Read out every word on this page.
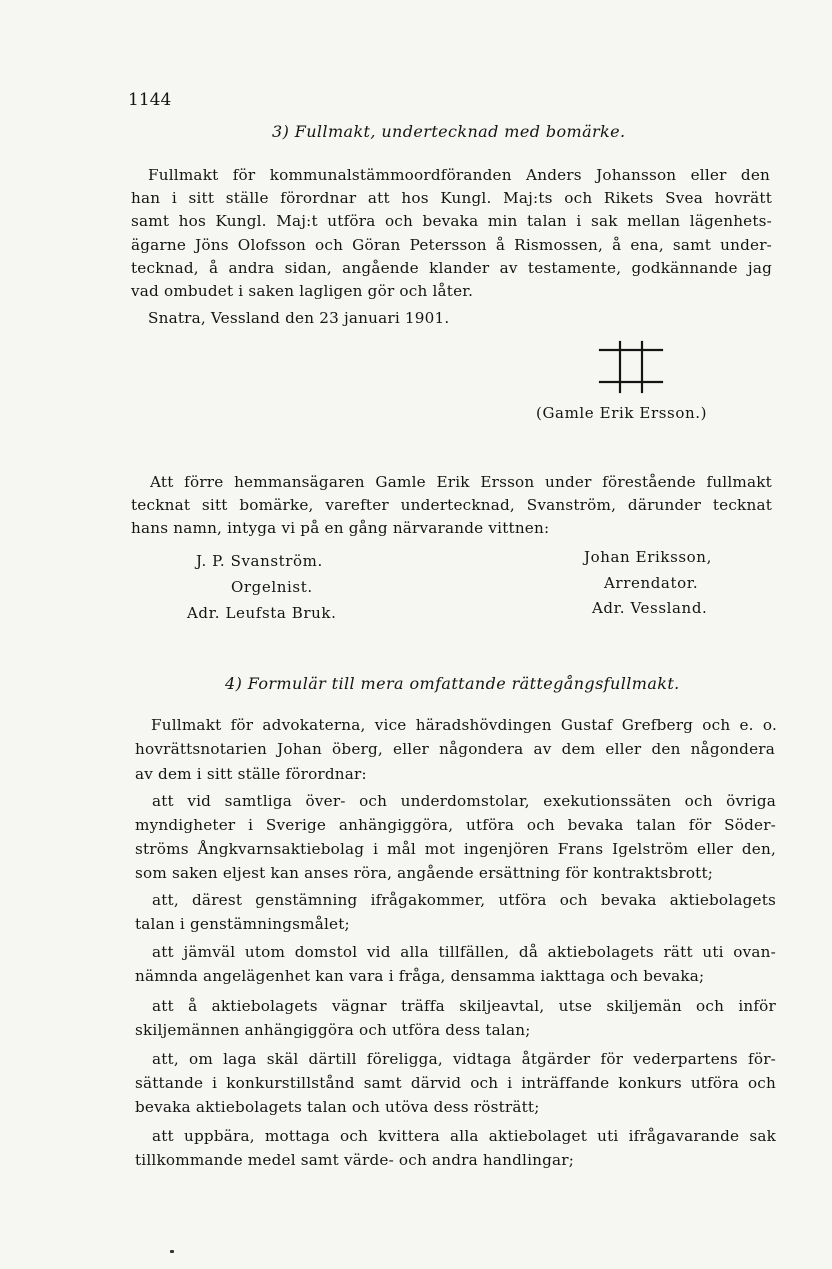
1144
3) Fullmakt, undertecknad med bomärke.
Fullmakt för kommunalstämmoordföranden Anders Johansson eller den
han i sitt ställe förordnar att hos Kungl. Maj:ts och Rikets Svea hovrätt
samt hos Kungl. Maj:t utföra och bevaka min talan i sak mellan lägenhets-
ägarne Jöns Olofsson och Göran Petersson å Rismossen, å ena, samt under-
tecknad, å andra sidan, angående klander av testamente, godkännande jag
vad ombudet i saken lagligen gör och låter.
Snatra, Vessland den 23 januari 1901.
(Gamle Erik Ersson.)
Att förre hemmansägaren Gamle Erik Ersson under förestående fullmakt
tecknat sitt bomärke, varefter undertecknad, Svanström, därunder tecknat
hans namn, intyga vi på en gång närvarande vittnen:
J. P. Svanström.
Orgelnist.
Adr. Leufsta Bruk.
Johan Eriksson,
Arrendator.
Adr. Vessland.
4) Formulär till mera omfattande rättegångsfullmakt.
Fullmakt för advokaterna, vice häradshövdingen Gustaf Grefberg och e. o.
hovrättsnotarien Johan öberg, eller någondera av dem eller den någondera
av dem i sitt ställe förordnar:
att vid samtliga över- och underdomstolar, exekutionssäten och övriga
myndigheter i Sverige anhängiggöra, utföra och bevaka talan för Söder-
ströms Ångkvarnsaktiebolag i mål mot ingenjören Frans Igelström eller den,
som saken eljest kan anses röra, angående ersättning för kontraktsbrott;
att, därest genstämning ifrågakommer, utföra och bevaka aktiebolagets
talan i genstämningsmålet;
att jämväl utom domstol vid alla tillfällen, då aktiebolagets rätt uti ovan-
nämnda angelägenhet kan vara i fråga, densamma iakttaga och bevaka;
att å aktiebolagets vägnar träffa skiljeavtal, utse skiljemän och inför
skiljemännen anhängiggöra och utföra dess talan;
att, om laga skäl därtill föreligga, vidtaga åtgärder för vederpartens för-
sättande i konkurstillstånd samt därvid och i inträffande konkurs utföra och
bevaka aktiebolagets talan och utöva dess rösträtt;
att uppbära, mottaga och kvittera alla aktiebolaget uti ifrågavarande sak
tillkommande medel samt värde- och andra handlingar;
